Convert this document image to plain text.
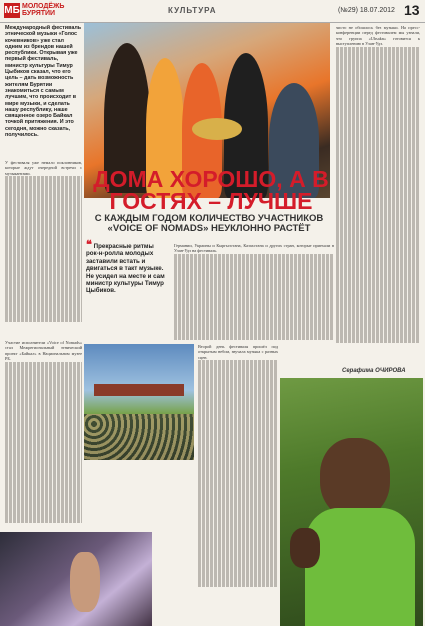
МБ МОЛОДЁЖЬ БУРЯТИИ	КУЛЬТУРА	(№29) 18.07.2012 13
Международный фестиваль этнической музыки «Голос кочевников» уже стал одним из брендов нашей республики. Открывая уже первый фестиваль, министр культуры Тимур Цыбиков сказал, что его цель – дать возможность жителям Бурятии знакомиться с самым лучшим, что происходит в мире музыки, и сделать нашу республику, наше священное озеро Байкал точкой притяжения. И это сегодня, можно сказать, получилось.

чисто не обошлось без музыки. На пресс-конференции перед фестивалем мы узнали, что группа «Uhsakn» готовится к выступлению в Улан-Удэ.

У фестиваля уже немало поклонников, которые ждут очередной встречи с музыкантами.	ДОМА ХОРОШО, А В ГОСТЯХ – ЛУЧШЕ
С КАЖДЫМ ГОДОМ КОЛИЧЕСТВО УЧАСТНИКОВ «VOICE OF NOMADS» НЕУКЛОННО РАСТЁТ
❝ Прекрасные ритмы рок-н-ролла молодых заставили встать и двигаться в такт музыке. Не усидел на месте и сам министр культуры Тимур Цыбиков.

Германии, Украины и Кыргызстана, Казахстана и других стран, которые приехали в Улан-Удэ на фестиваль.

Участие исполнители «Voice of Nomads» стал Межрегиональный этнический проект «Байкал» в Национальном музее РБ.

Второй день фестиваля прошёл под открытым небом, звучала музыка с разных сцен.

Серафима ОЧИРОВА
